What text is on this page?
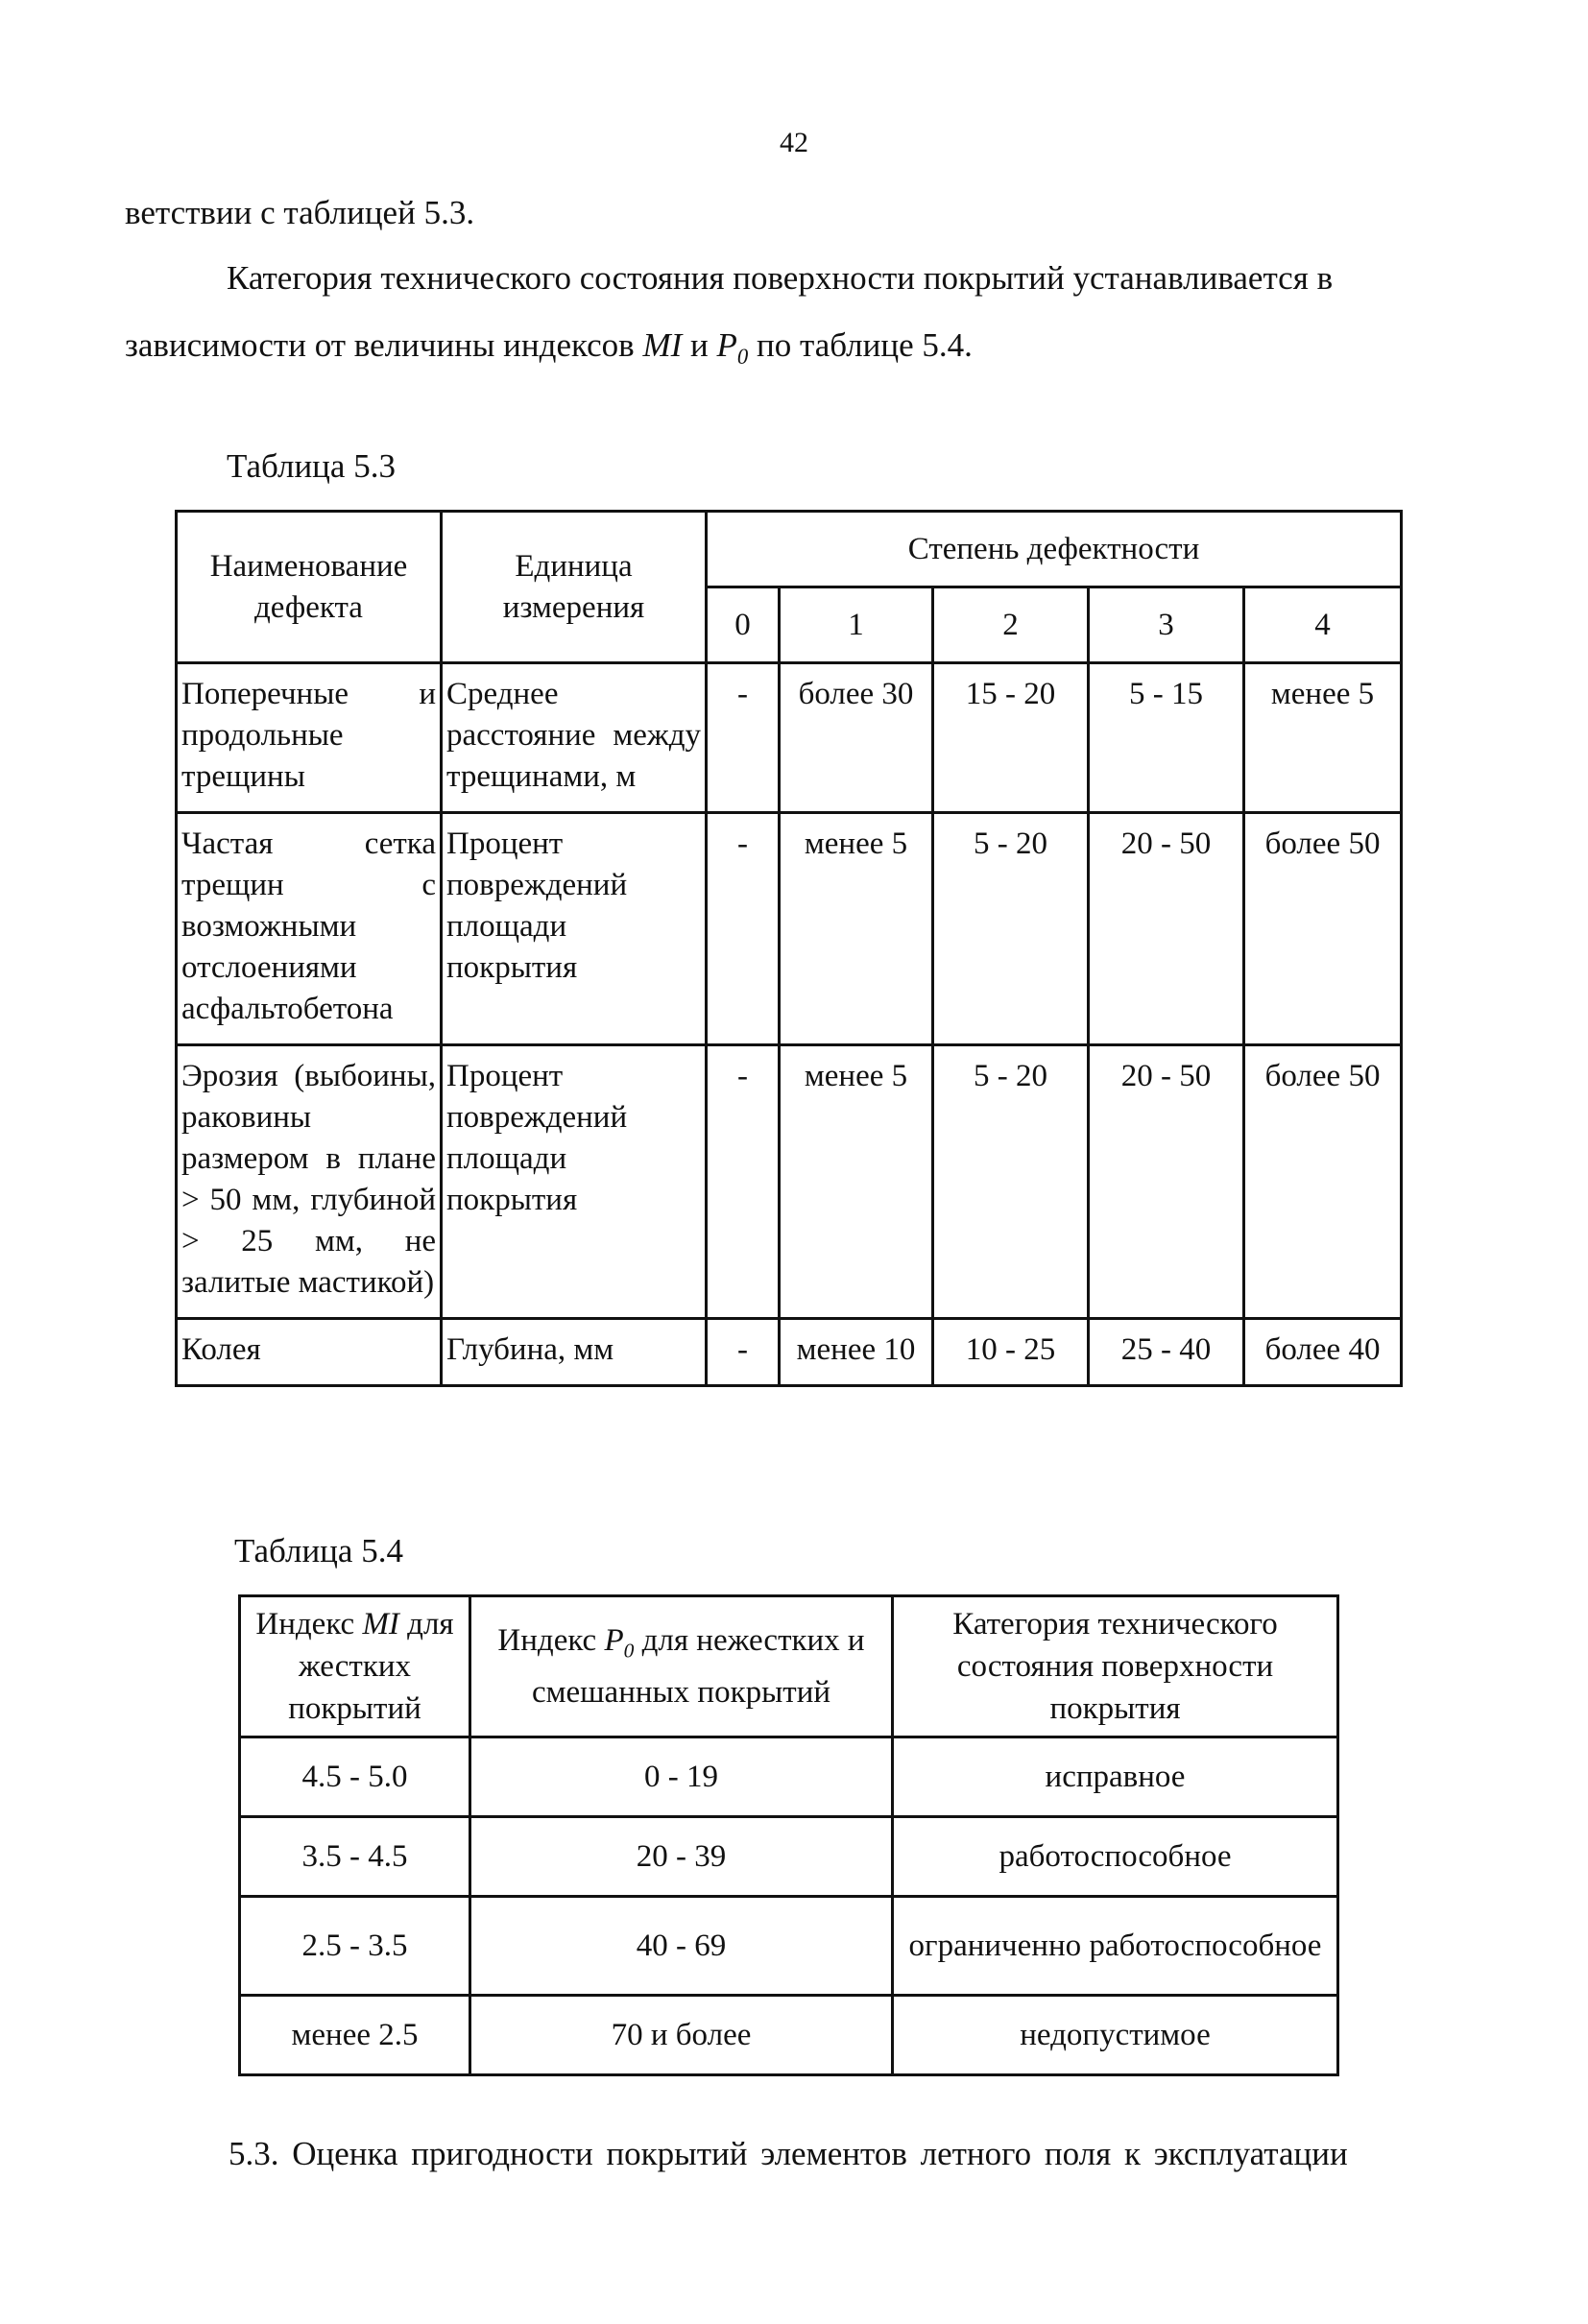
42
ветствии с таблицей 5.3.
Категория технического состояния поверхности покрытий устанавливается в
зависимости от величины индексов MI и $P_0$ по таблице 5.4.
Таблица 5.3
Наименование дефекта	Единица измерения	Степень дефектности				
		0	1	2	3	4
Поперечные и продольные трещины	Среднее расстояние между трещинами, м	-	более 30	15 - 20	5 - 15	менее 5
Частая сетка трещин с возможными отслоениями асфальтобетона	Процент повреждений площади покрытия	-	менее 5	5 - 20	20 - 50	более 50
Эрозия (выбоины, раковины размером в плане > 50 мм, глубиной > 25 мм, не залитые мастикой)	Процент повреждений площади покрытия	-	менее 5	5 - 20	20 - 50	более 50
Колея	Глубина, мм	-	менее 10	10 - 25	25 - 40	более 40
Таблица 5.4
Индекс MI для жестких покрытий	Индекс $P_0$ для нежестких и смешанных покрытий	Категория технического состояния поверхности покрытия
4.5 - 5.0	0 - 19	исправное
3.5 - 4.5	20 - 39	работоспособное
2.5 - 3.5	40 - 69	ограниченно работоспособное
менее 2.5	70 и более	недопустимое
5.3. Оценка пригодности покрытий элементов летного поля к эксплуатации
